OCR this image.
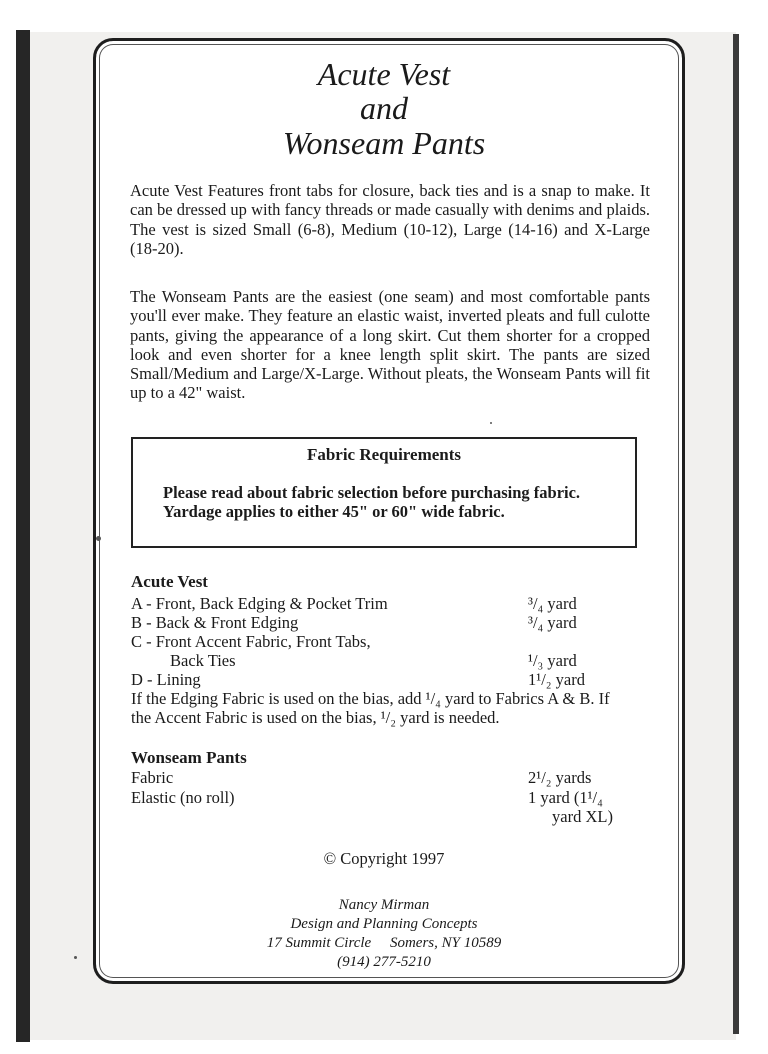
Acute Vest
and
Wonseam Pants

Acute Vest Features front tabs for closure, back ties and is a snap to make. It can be dressed up with fancy threads or made casually with denims and plaids. The vest is sized Small (6-8), Medium (10-12), Large (14-16) and X-Large (18-20).

The Wonseam Pants are the easiest (one seam) and most comfortable pants you'll ever make. They feature an elastic waist, inverted pleats and full culotte pants, giving the appearance of a long skirt. Cut them shorter for a cropped look and even shorter for a knee length split skirt. The pants are sized Small/Medium and Large/X-Large. Without pleats, the Wonseam Pants will fit up to a 42" waist.

Fabric Requirements

Please read about fabric selection before purchasing fabric. Yardage applies to either 45" or 60" wide fabric.

Acute Vest
A - Front, Back Edging & Pocket Trim	³/₄ yard
B - Back & Front Edging	³/₄ yard
C - Front Accent Fabric, Front Tabs,
Back Ties	¹/₃ yard
D - Lining	1¹/₂ yard

If the Edging Fabric is used on the bias, add ¹/₄ yard to Fabrics A & B. If the Accent Fabric is used on the bias, ¹/₂ yard is needed.

Wonseam Pants
Fabric	2¹/₂ yards
Elastic (no roll)	1 yard (1¹/₄
yard XL)
© Copyright 1997
Nancy Mirman
Design and Planning Concepts
17 Summit Circle     Somers, NY 10589
(914) 277-5210
